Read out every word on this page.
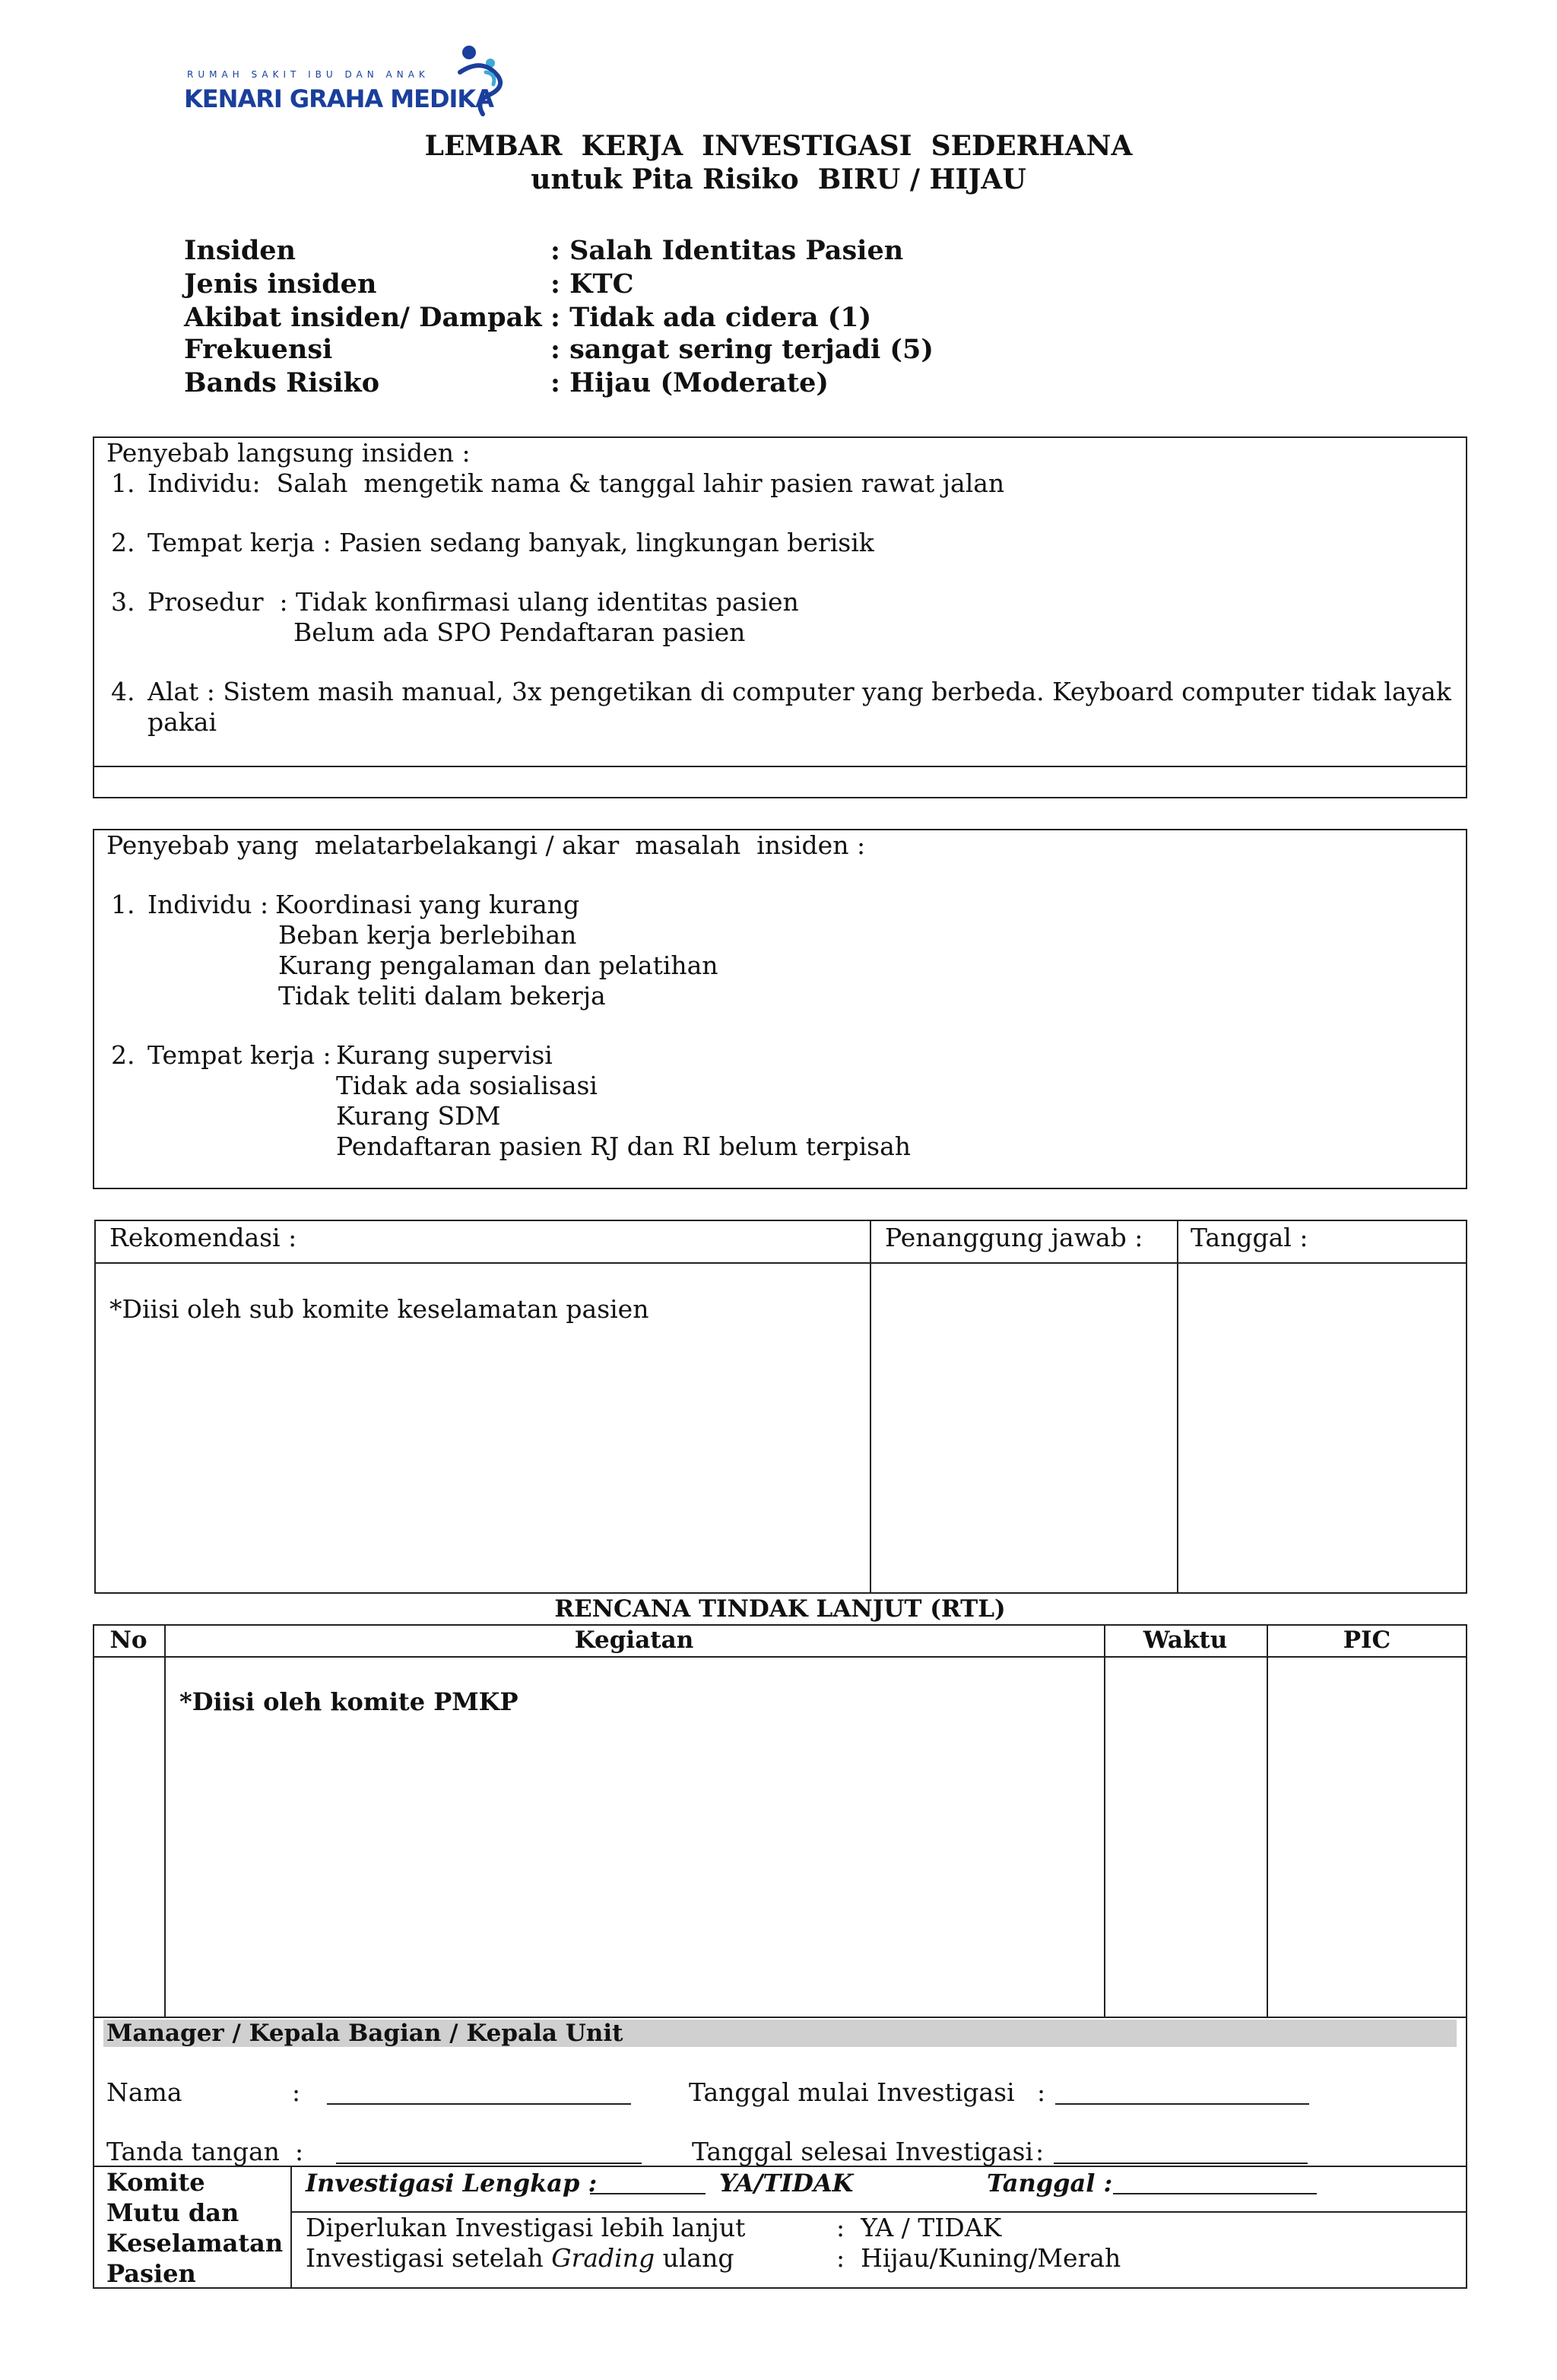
RUMAH SAKIT IBU DAN ANAK
KENARI GRAHA MEDIKA
LEMBAR  KERJA  INVESTIGASI  SEDERHANA
untuk Pita Risiko  BIRU / HIJAU
Insiden	: Salah Identitas Pasien
Jenis insiden	: KTC
Akibat insiden/ Dampak : Tidak ada cidera (1)
Frekuensi	: sangat sering terjadi (5)
Bands Risiko	: Hijau (Moderate)
Penyebab langsung insiden :
1. Individu:  Salah  mengetik nama & tanggal lahir pasien rawat jalan
2. Tempat kerja : Pasien sedang banyak, lingkungan berisik
3. Prosedur  : Tidak konfirmasi ulang identitas pasien
Belum ada SPO Pendaftaran pasien
4. Alat : Sistem masih manual, 3x pengetikan di computer yang berbeda. Keyboard computer tidak layak
pakai
Penyebab yang  melatarbelakangi / akar  masalah  insiden :
1. Individu : Koordinasi yang kurang
Beban kerja berlebihan
Kurang pengalaman dan pelatihan
Tidak teliti dalam bekerja
2. Tempat kerja : Kurang supervisi
Tidak ada sosialisasi
Kurang SDM
Pendaftaran pasien RJ dan RI belum terpisah
Rekomendasi :	Penanggung jawab : Tanggal :
*Diisi oleh sub komite keselamatan pasien
RENCANA TINDAK LANJUT (RTL)
No	Kegiatan	Waktu	PIC
*Diisi oleh komite PMKP
Manager / Kepala Bagian / Kepala Unit
Nama	:	Tanggal mulai Investigasi :
Tanda tangan :	Tanggal selesai Investigasi :
Komite
Mutu dan
Keselamatan
Pasien
Investigasi Lengkap :	YA/TIDAK	Tanggal :
Diperlukan Investigasi lebih lanjut	:  YA / TIDAK
Investigasi setelah Grading ulang	:  Hijau/Kuning/Merah
